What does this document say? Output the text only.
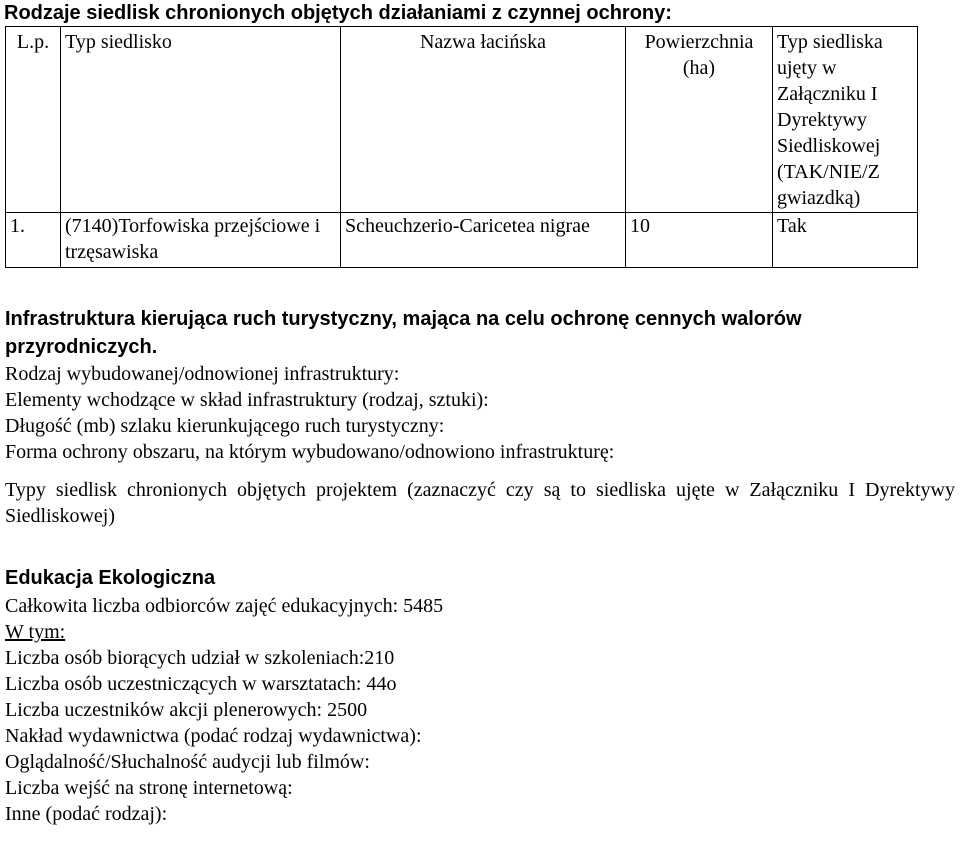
Rodzaje siedlisk chronionych objętych działaniami z czynnej ochrony:
L.p.	Typ siedlisko	Nazwa łacińska	Powierzchnia (ha)	Typ siedliska ujęty w Załączniku I Dyrektywy Siedliskowej (TAK/NIE/Z gwiazdką)
1.	(7140)Torfowiska przejściowe i trzęsawiska	Scheuchzerio-Caricetea nigrae	10	Tak
Infrastruktura kierująca ruch turystyczny, mająca na celu ochronę cennych walorów przyrodniczych.

Rodzaj wybudowanej/odnowionej infrastruktury:

Elementy wchodzące w skład infrastruktury (rodzaj, sztuki):

Długość (mb) szlaku kierunkującego ruch turystyczny:

Forma ochrony obszaru, na którym wybudowano/odnowiono infrastrukturę:

Typy siedlisk chronionych objętych projektem (zaznaczyć czy są to siedliska ujęte w Załączniku I Dyrektywy Siedliskowej)

Edukacja Ekologiczna

Całkowita liczba odbiorców zajęć edukacyjnych: 5485

W tym:

Liczba osób biorących udział w szkoleniach:210

Liczba osób uczestniczących w warsztatach: 44o

Liczba uczestników akcji plenerowych: 2500

Nakład wydawnictwa (podać rodzaj wydawnictwa):

Oglądalność/Słuchalność audycji lub filmów:

Liczba wejść na stronę internetową:

Inne (podać rodzaj):
